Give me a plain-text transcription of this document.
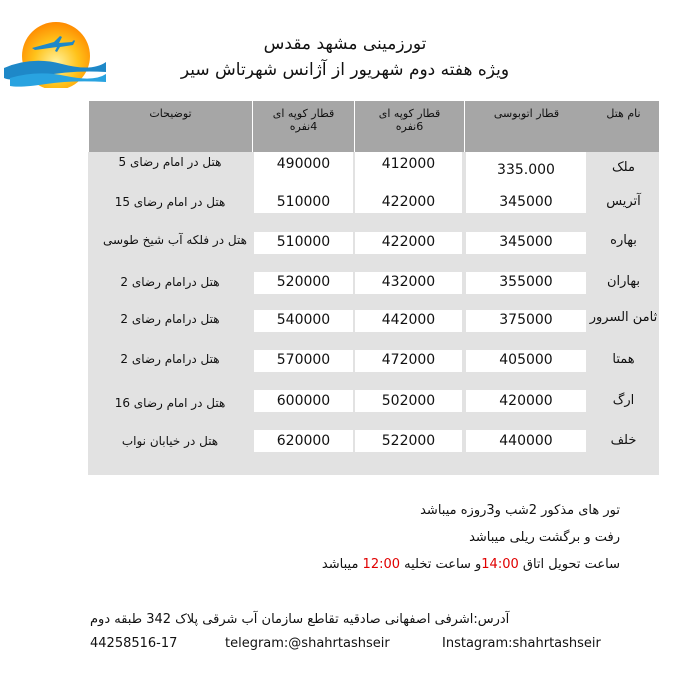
تورزمینی مشهد مقدس
ویژه هفته دوم شهریور از آژانس شهرتاش سیر
نام هتل
قطار اتوبوسی
قطار کوپه ای
6نفره
قطار کوپه ای
4نفره
توضیحات
ملک
335.000
412000
490000
هتل در امام رضای 5
آتریس
345000
422000
510000
هتل در امام رضای 15
بهاره
345000
422000
510000
هتل در فلکه آب شیخ طوسی
بهاران
355000
432000
520000
هتل درامام رضای 2
ثامن السرور
375000
442000
540000
هتل درامام رضای 2
همتا
405000
472000
570000
هتل درامام رضای 2
ارگ
420000
502000
600000
هتل در امام رضای 16
خلف
440000
522000
620000
هتل در خیابان نواب
تور های مذکور 2شب و3روزه میباشد
رفت و برگشت ریلی میباشد
ساعت تحویل اتاق 14:00و ساعت تخلیه 12:00 میباشد
آدرس:اشرفی اصفهانی صادقیه تقاطع سازمان آب شرقی پلاک 342 طبقه دوم
44258516-17	telegram:@shahrtashseir	Instagram:shahrtashseir
